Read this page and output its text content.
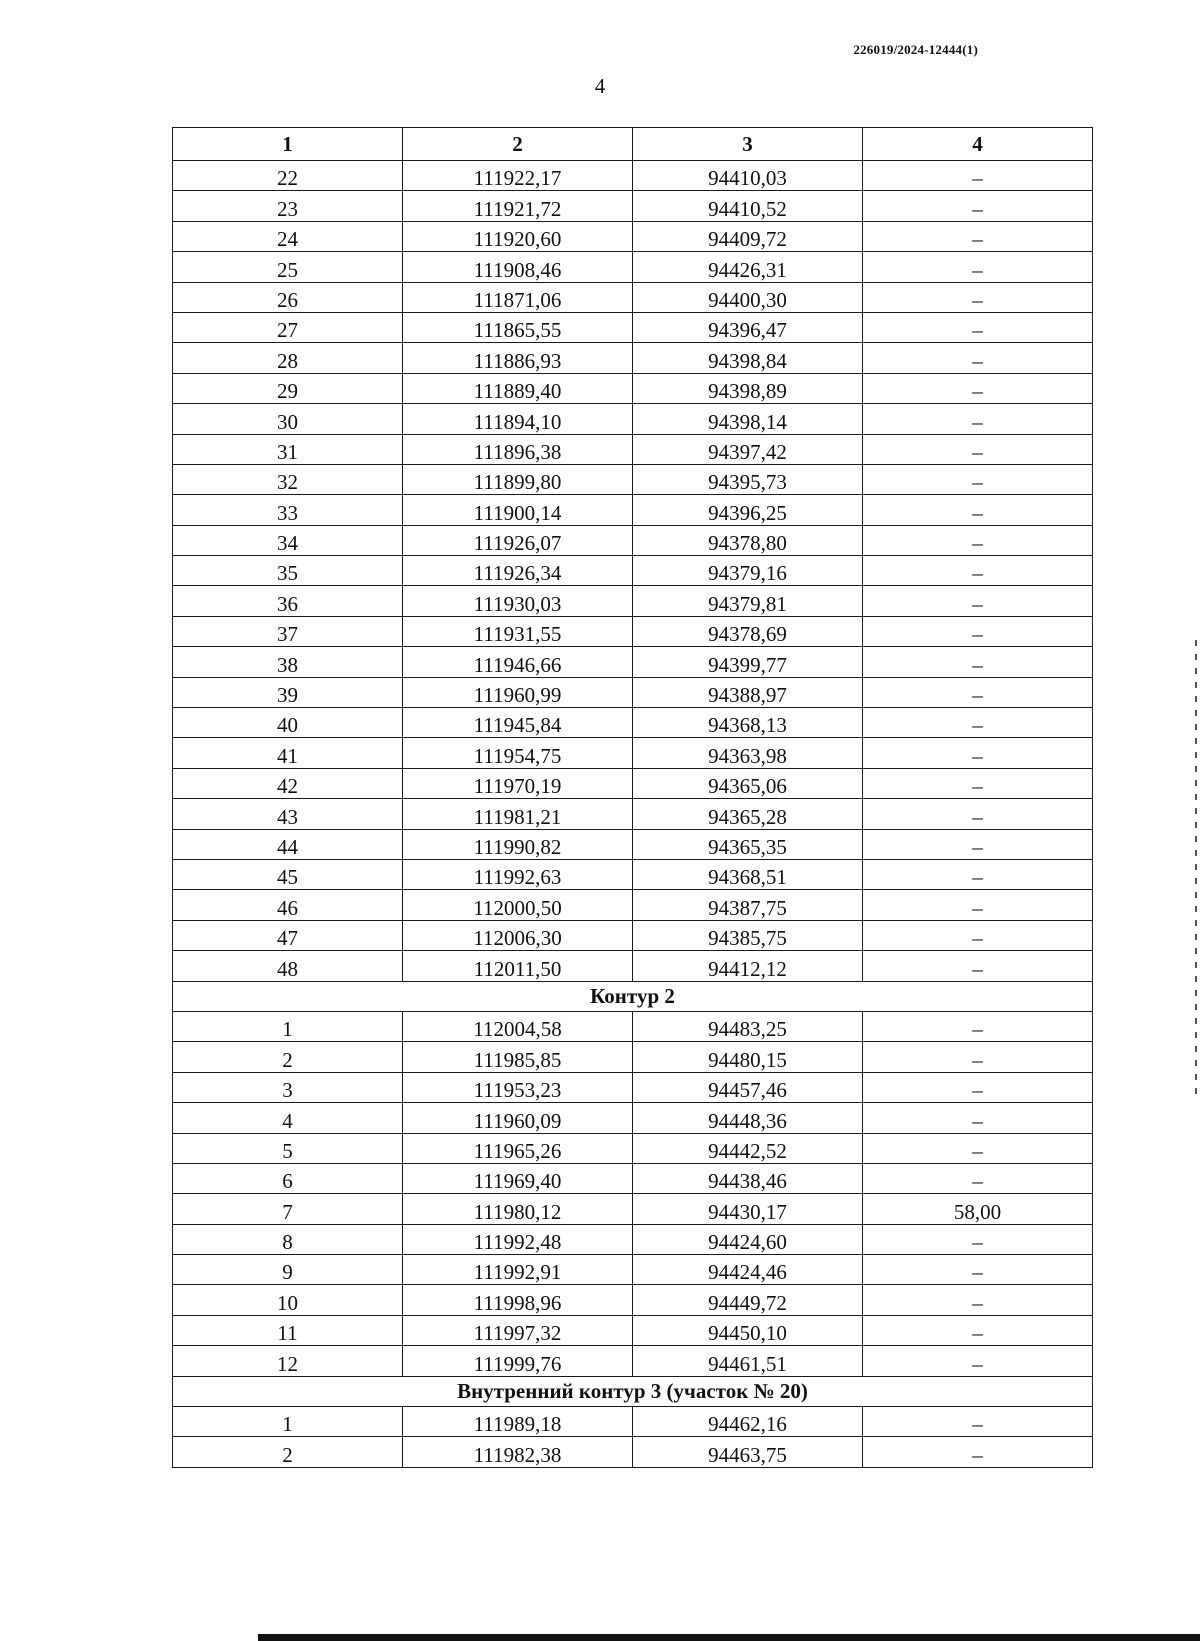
226019/2024-12444(1)
4
1	2	3	4
22	111922,17	94410,03	–
23	111921,72	94410,52	–
24	111920,60	94409,72	–
25	111908,46	94426,31	–
26	111871,06	94400,30	–
27	111865,55	94396,47	–
28	111886,93	94398,84	–
29	111889,40	94398,89	–
30	111894,10	94398,14	–
31	111896,38	94397,42	–
32	111899,80	94395,73	–
33	111900,14	94396,25	–
34	111926,07	94378,80	–
35	111926,34	94379,16	–
36	111930,03	94379,81	–
37	111931,55	94378,69	–
38	111946,66	94399,77	–
39	111960,99	94388,97	–
40	111945,84	94368,13	–
41	111954,75	94363,98	–
42	111970,19	94365,06	–
43	111981,21	94365,28	–
44	111990,82	94365,35	–
45	111992,63	94368,51	–
46	112000,50	94387,75	–
47	112006,30	94385,75	–
48	112011,50	94412,12	–
Контур 2			
1	112004,58	94483,25	–
2	111985,85	94480,15	–
3	111953,23	94457,46	–
4	111960,09	94448,36	–
5	111965,26	94442,52	–
6	111969,40	94438,46	–
7	111980,12	94430,17	58,00
8	111992,48	94424,60	–
9	111992,91	94424,46	–
10	111998,96	94449,72	–
11	111997,32	94450,10	–
12	111999,76	94461,51	–
Внутренний контур 3 (участок № 20)			
1	111989,18	94462,16	–
2	111982,38	94463,75	–
